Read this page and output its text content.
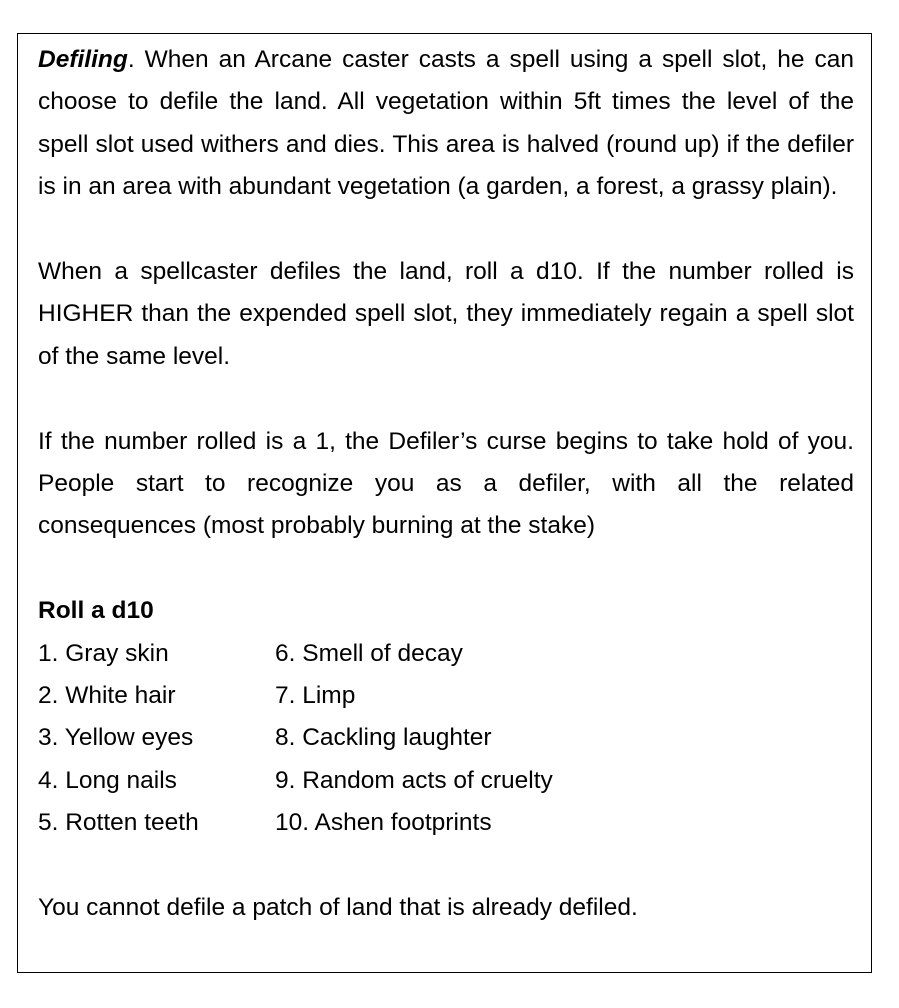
Defiling. When an Arcane caster casts a spell using a spell slot, he can choose to defile the land. All vegetation within 5ft times the level of the spell slot used withers and dies. This area is halved (round up) if the defiler is in an area with abundant vegetation (a garden, a forest, a grassy plain).

When a spellcaster defiles the land, roll a d10. If the number rolled is HIGHER than the expended spell slot, they immediately regain a spell slot of the same level.

If the number rolled is a 1, the Defiler’s curse begins to take hold of you. People start to recognize you as a defiler, with all the related consequences (most probably burning at the stake)

Roll a d10

1. Gray skin	6. Smell of decay
2. White hair	7. Limp
3. Yellow eyes	8. Cackling laughter
4. Long nails	9. Random acts of cruelty
5. Rotten teeth	10. Ashen footprints

You cannot defile a patch of land that is already defiled.
